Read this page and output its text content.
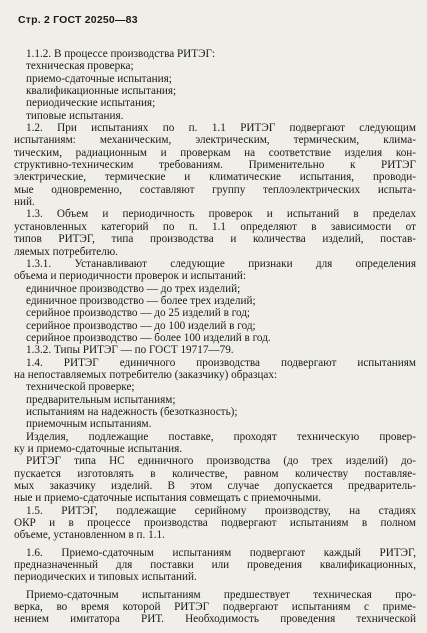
Стр. 2 ГОСТ 20250—83
1.1.2. В процессе производства РИТЭГ:
техническая проверка;
приемо-сдаточные испытания;
квалификационные испытания;
периодические испытания;
типовые испытания.
1.2. При испытаниях по п. 1.1 РИТЭГ подвергают следующим
испытаниям: механическим, электрическим, термическим, клима-
тическим, радиационным и проверкам на соответствие изделия кон-
структивно-техническим требованиям. Применительно к РИТЭГ
электрические, термические и климатические испытания, проводи-
мые одновременно, составляют группу теплоэлектрических испыта-
ний.
1.3. Объем и периодичность проверок и испытаний в пределах
установленных категорий по п. 1.1 определяют в зависимости от
типов РИТЭГ, типа производства и количества изделий, постав-
ляемых потребителю.
1.3.1. Устанавливают следующие признаки для определения
объема и периодичности проверок и испытаний:
единичное производство — до трех изделий;
единичное производство — более трех изделий;
серийное производство — до 25 изделий в год;
серийное производство — до 100 изделий в год;
серийное производство — более 100 изделий в год.
1.3.2. Типы РИТЭГ — по ГОСТ 19717—79.
1.4. РИТЭГ единичного производства подвергают испытаниям
на непоставляемых потребителю (заказчику) образцах:
технической проверке;
предварительным испытаниям;
испытаниям на надежность (безотказность);
приемочным испытаниям.
Изделия, подлежащие поставке, проходят техническую провер-
ку и приемо-сдаточные испытания.
РИТЭГ типа НС единичного производства (до трех изделий) до-
пускается изготовлять в количестве, равном количеству поставляе-
мых заказчику изделий. В этом случае допускается предваритель-
ные и приемо-сдаточные испытания совмещать с приемочными.
1.5. РИТЭГ, подлежащие серийному производству, на стадиях
ОКР и в процессе производства подвергают испытаниям в полном
объеме, установленном в п. 1.1.

1.6. Приемо-сдаточным испытаниям подвергают каждый РИТЭГ,
предназначенный для поставки или проведения квалификационных,
периодических и типовых испытаний.

Приемо-сдаточным испытаниям предшествует техническая про-
верка, во время которой РИТЭГ подвергают испытаниям с приме-
нением имитатора РИТ. Необходимость проведения технической
